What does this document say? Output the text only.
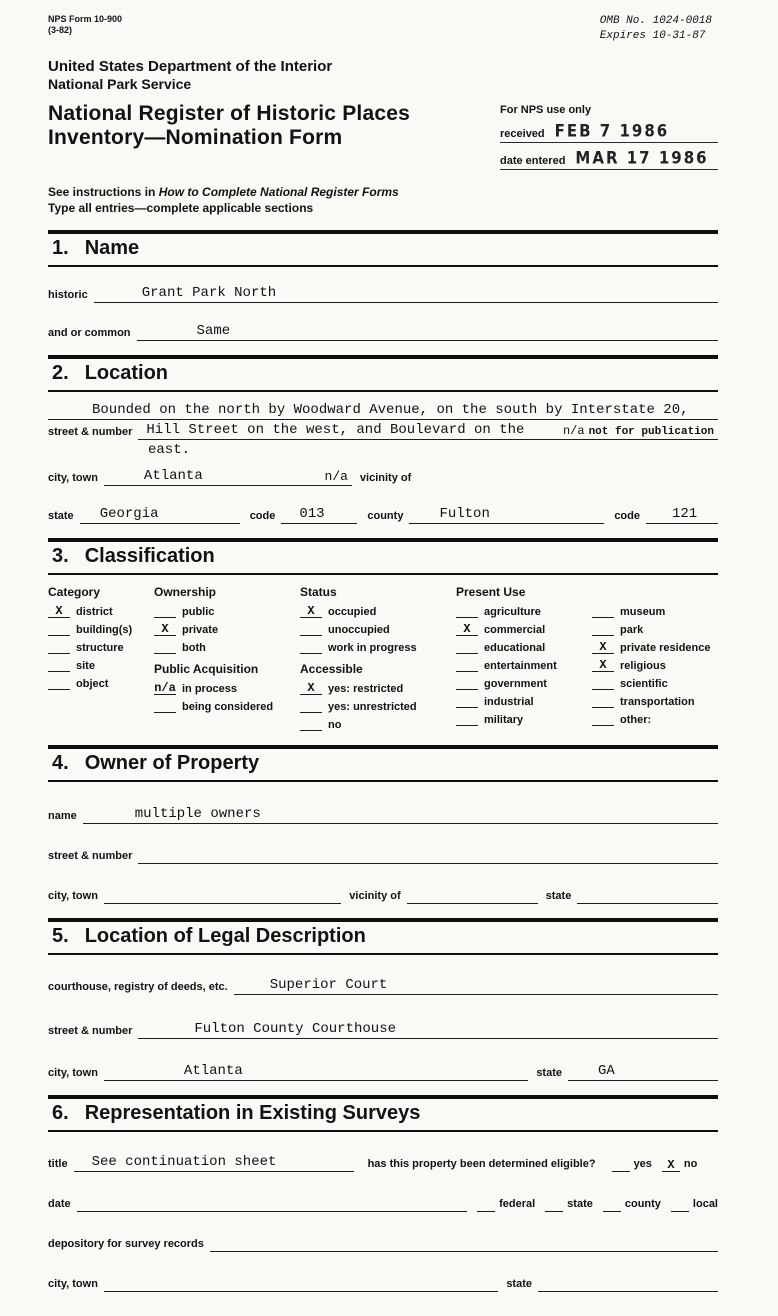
NPS Form 10-900
(3-82)
OMB No. 1024-0018
Expires 10-31-87
United States Department of the Interior
National Park Service
National Register of Historic Places
Inventory—Nomination Form
For NPS use only
received FEB 7 1986
date entered MAR 17 1986
See instructions in How to Complete National Register Forms
Type all entries—complete applicable sections
1. Name
historic	Grant Park North
and or common	Same
2. Location
Bounded on the north by Woodward Avenue, on the south by Interstate 20,
street & number	Hill Street on the west, and Boulevard on the	n/a not for publication
east.
city, town	Atlanta	n/a	vicinity of
state	Georgia	code	013	county	Fulton	code	121
3. Classification
Category
X	district
building(s)
structure
site
object
Ownership
public
X	private
both
Public Acquisition
n/a in process
being considered
Status
X	occupied
unoccupied
work in progress
Accessible
X	yes: restricted
yes: unrestricted
no
Present Use
agriculture
X	commercial
educational
entertainment
government
industrial
military
museum
park
X	private residence
X	religious
scientific
transportation
other:
4. Owner of Property
name	multiple owners
street & number
city, town	vicinity of	state
5. Location of Legal Description
courthouse, registry of deeds, etc.	Superior Court
street & number	Fulton County Courthouse
city, town	Atlanta	state	GA
6. Representation in Existing Surveys
title	See continuation sheet	has this property been determined eligible?	yes	X no
date	federal	state	county	local
depository for survey records
city, town	state
